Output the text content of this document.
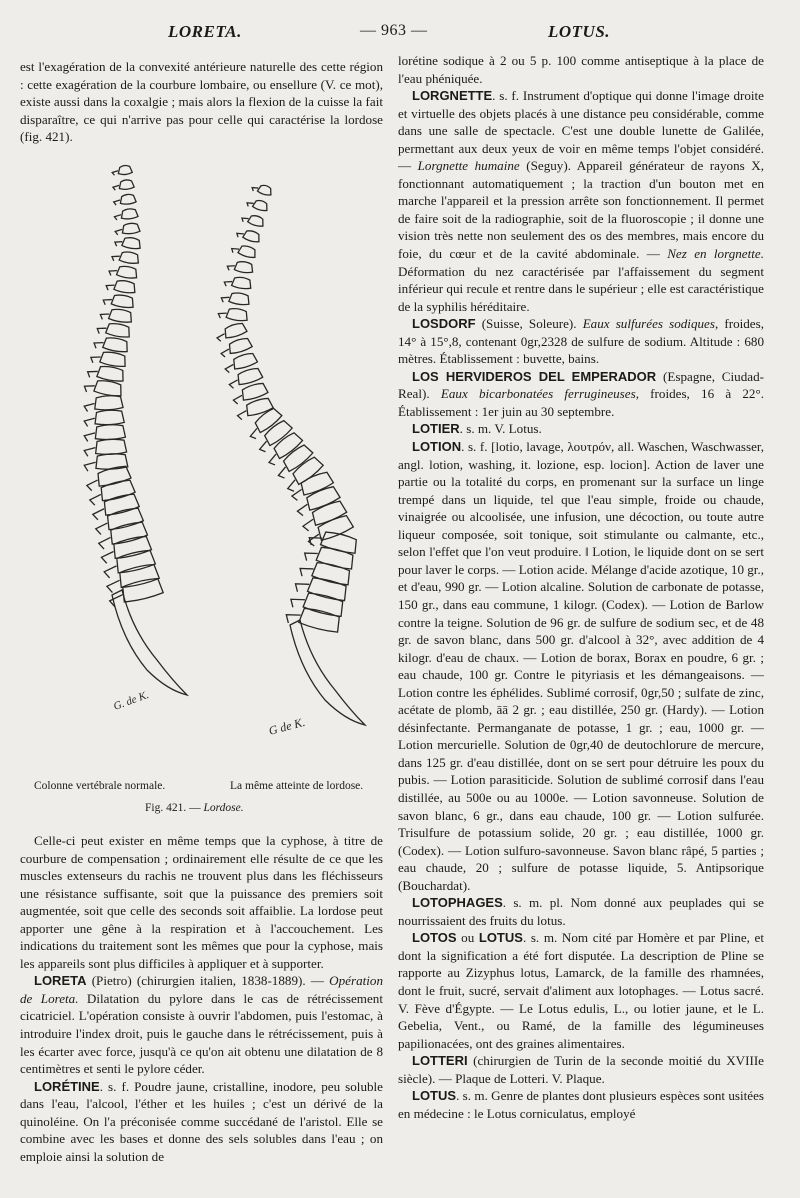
LORETA.	— 963 —	LOTUS.

est l'exagération de la convexité antérieure naturelle des cette région : cette exagération de la courbure lombaire, ou ensellure (V. ce mot), existe aussi dans la coxalgie ; mais alors la flexion de la cuisse la fait disparaître, ce qui n'arrive pas pour celle qui caractérise la lordose (fig. 421).

G. de K.
G de K.
Colonne vertébrale normale.	La même atteinte de lordose.
Fig. 421. — Lordose.

Celle-ci peut exister en même temps que la cyphose, à titre de courbure de compensation ; ordinairement elle résulte de ce que les muscles extenseurs du rachis ne trouvent plus dans les fléchisseurs une résistance suffisante, soit que la puissance des premiers soit augmentée, soit que celle des seconds soit affaiblie. La lordose peut apporter une gêne à la respiration et à l'accouchement. Les indications du traitement sont les mêmes que pour la cyphose, mais les appareils sont plus difficiles à appliquer et à supporter.

LORETA (Pietro) (chirurgien italien, 1838-1889). — Opération de Loreta. Dilatation du pylore dans le cas de rétrécissement cicatriciel. L'opération consiste à ouvrir l'abdomen, puis l'estomac, à introduire l'index droit, puis le gauche dans le rétrécissement, puis à les écarter avec force, jusqu'à ce qu'on ait obtenu une dilatation de 8 centimètres et senti le pylore céder.

LORÉTINE. s. f. Poudre jaune, cristalline, inodore, peu soluble dans l'eau, l'alcool, l'éther et les huiles ; c'est un dérivé de la quinoléine. On l'a préconisée comme succédané de l'aristol. Elle se combine avec les bases et donne des sels solubles dans l'eau ; on emploie ainsi la solution de

lorétine sodique à 2 ou 5 p. 100 comme antiseptique à la place de l'eau phéniquée.

LORGNETTE. s. f. Instrument d'optique qui donne l'image droite et virtuelle des objets placés à une distance peu considérable, comme dans une salle de spectacle. C'est une double lunette de Galilée, permettant aux deux yeux de voir en même temps l'objet considéré. — Lorgnette humaine (Seguy). Appareil générateur de rayons X, fonctionnant automatiquement ; la traction d'un bouton met en marche l'appareil et la pression arrête son fonctionnement. Il permet de faire soit de la radiographie, soit de la fluoroscopie ; il donne une vision très nette non seulement des os des membres, mais encore du foie, du cœur et de la cavité abdominale. — Nez en lorgnette. Déformation du nez caractérisée par l'affaissement du segment inférieur qui recule et rentre dans le supérieur ; elle est caractéristique de la syphilis héréditaire.

LOSDORF (Suisse, Soleure). Eaux sulfurées sodiques, froides, 14° à 15°,8, contenant 0gr,2328 de sulfure de sodium. Altitude : 680 mètres. Établissement : buvette, bains.

LOS HERVIDEROS DEL EMPERADOR (Espagne, Ciudad-Real). Eaux bicarbonatées ferrugineuses, froides, 16 à 22°. Établissement : 1er juin au 30 septembre.

LOTIER. s. m. V. Lotus.

LOTION. s. f. [lotio, lavage, λουτρόν, all. Waschen, Waschwasser, angl. lotion, washing, it. lozione, esp. locion]. Action de laver une partie ou la totalité du corps, en promenant sur la surface un linge trempé dans un liquide, tel que l'eau simple, froide ou chaude, vinaigrée ou alcoolisée, une infusion, une décoction, ou toute autre liqueur composée, soit tonique, soit stimulante ou calmante, etc., selon l'effet que l'on veut produire. ‖ Lotion, le liquide dont on se sert pour laver le corps. — Lotion acide. Mélange d'acide azotique, 10 gr., et d'eau, 990 gr. — Lotion alcaline. Solution de carbonate de potasse, 150 gr., dans eau commune, 1 kilogr. (Codex). — Lotion de Barlow contre la teigne. Solution de 96 gr. de sulfure de sodium sec, et de 48 gr. de savon blanc, dans 500 gr. d'alcool à 32°, avec addition de 4 kilogr. d'eau de chaux. — Lotion de borax, Borax en poudre, 6 gr. ; eau chaude, 100 gr. Contre le pityriasis et les démangeaisons. — Lotion contre les éphélides. Sublimé corrosif, 0gr,50 ; sulfate de zinc, acétate de plomb, āā 2 gr. ; eau distillée, 250 gr. (Hardy). — Lotion désinfectante. Permanganate de potasse, 1 gr. ; eau, 1000 gr. — Lotion mercurielle. Solution de 0gr,40 de deutochlorure de mercure, dans 125 gr. d'eau distillée, dont on se sert pour détruire les poux du pubis. — Lotion parasiticide. Solution de sublimé corrosif dans l'eau distillée, au 500e ou au 1000e. — Lotion savonneuse. Solution de savon blanc, 6 gr., dans eau chaude, 100 gr. — Lotion sulfurée. Trisulfure de potassium solide, 20 gr. ; eau distillée, 1000 gr. (Codex). — Lotion sulfuro-savonneuse. Savon blanc râpé, 5 parties ; eau chaude, 20 ; sulfure de potasse liquide, 5. Antipsorique (Bouchardat).

LOTOPHAGES. s. m. pl. Nom donné aux peuplades qui se nourrissaient des fruits du lotus.

LOTOS ou LOTUS. s. m. Nom cité par Homère et par Pline, et dont la signification a été fort disputée. La description de Pline se rapporte au Zizyphus lotus, Lamarck, de la famille des rhamnées, dont le fruit, sucré, servait d'aliment aux lotophages. — Lotus sacré. V. Fève d'Égypte. — Le Lotus edulis, L., ou lotier jaune, et le L. Gebelia, Vent., ou Ramé, de la famille des légumineuses papilionacées, ont des graines alimentaires.

LOTTERI (chirurgien de Turin de la seconde moitié du XVIIIe siècle). — Plaque de Lotteri. V. Plaque.

LOTUS. s. m. Genre de plantes dont plusieurs espèces sont usitées en médecine : le Lotus corniculatus, employé
